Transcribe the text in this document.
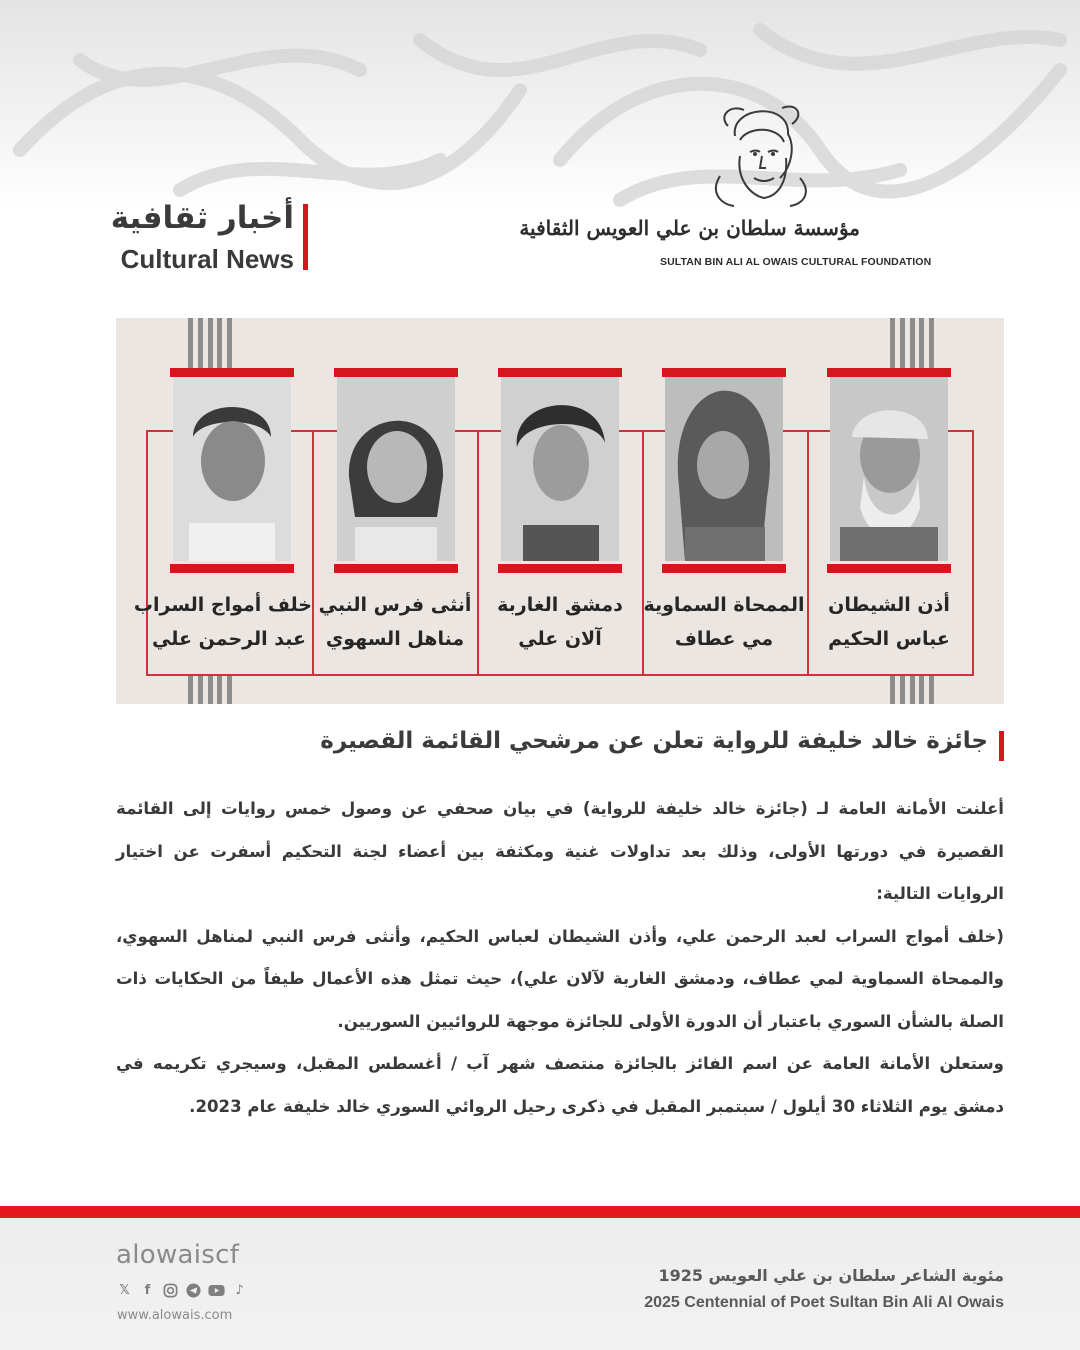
مؤسسة سلطان بن علي العويس الثقافية
SULTAN BIN ALI AL OWAIS CULTURAL FOUNDATION
أخبار ثقافية
Cultural News
أذن الشيطان
عباس الحكيم
الممحاة السماوية
مي عطاف
دمشق الغاربة
آلان علي
أنثى فرس النبي
مناهل السهوي
خلف أمواج السراب
عبد الرحمن علي
جائزة خالد خليفة للرواية تعلن عن مرشحي القائمة القصيرة

أعلنت الأمانة العامة لـ (جائزة خالد خليفة للرواية) في بيان صحفي عن وصول خمس روايات إلى القائمة القصيرة في دورتها الأولى، وذلك بعد تداولات غنية ومكثفة بين أعضاء لجنة التحكيم أسفرت عن اختيار الروايات التالية:

(خلف أمواج السراب لعبد الرحمن علي، وأذن الشيطان لعباس الحكيم، وأنثى فرس النبي لمناهل السهوي، والممحاة السماوية لمي عطاف، ودمشق الغاربة لآلان علي)، حيث تمثل هذه الأعمال طيفاً من الحكايات ذات الصلة بالشأن السوري باعتبار أن الدورة الأولى للجائزة موجهة للروائيين السوريين.

وستعلن الأمانة العامة عن اسم الفائز بالجائزة منتصف شهر آب / أغسطس المقبل، وسيجري تكريمه في دمشق يوم الثلاثاء 30 أيلول / سبتمبر المقبل في ذكرى رحيل الروائي السوري خالد خليفة عام 2023.

alowaiscf
𝕏	f	♪
www.alowais.com
مئوية الشاعر سلطان بن علي العويس 1925
2025 Centennial of Poet Sultan Bin Ali Al Owais
